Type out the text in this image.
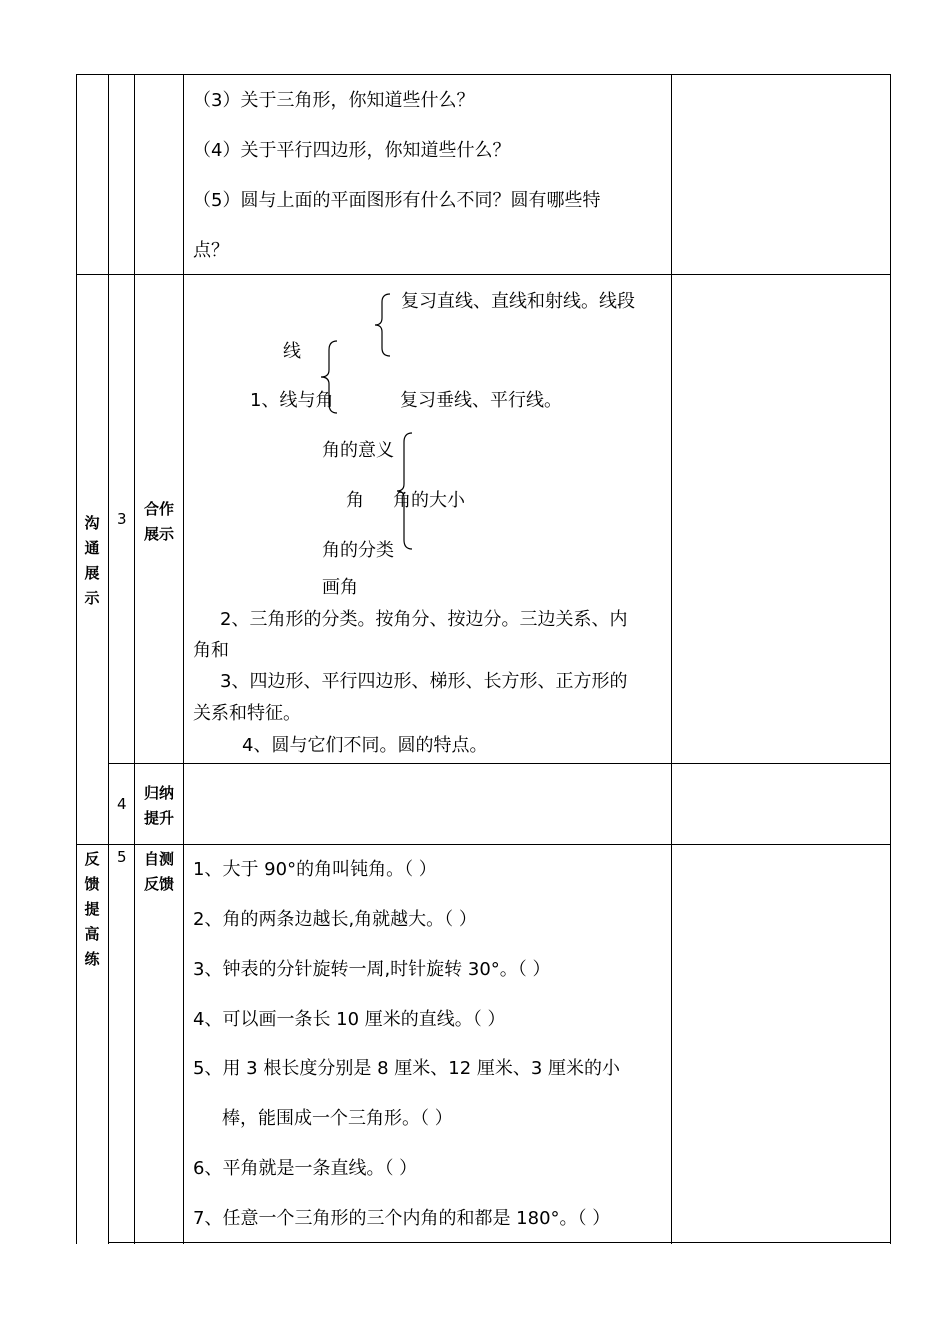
（3）关于三角形，你知道些什么？
（4）关于平行四边形，你知道些什么？
（5）圆与上面的平面图形有什么不同？圆有哪些特
点？
沟
通
展
示
3
合作
展示
复习直线、直线和射线。线段
线
1、线与角	复习垂线、平行线。
角的意义
角 角的大小
角的分类
画角
2、三角形的分类。按角分、按边分。三边关系、内
角和
3、四边形、平行四边形、梯形、长方形、正方形的
关系和特征。
4、圆与它们不同。圆的特点。
4
归纳
提升
反
馈
提
高
练
5 自测
反馈
1、大于 90°的角叫钝角。（ ）
2、角的两条边越长,角就越大。（ ）
3、钟表的分针旋转一周,时针旋转 30°。（ ）
4、可以画一条长 10 厘米的直线。（ ）
5、用 3 根长度分别是 8 厘米、12 厘米、3 厘米的小
棒，能围成一个三角形。（ ）
6、平角就是一条直线。（ ）
7、任意一个三角形的三个内角的和都是 180°。（ ）
